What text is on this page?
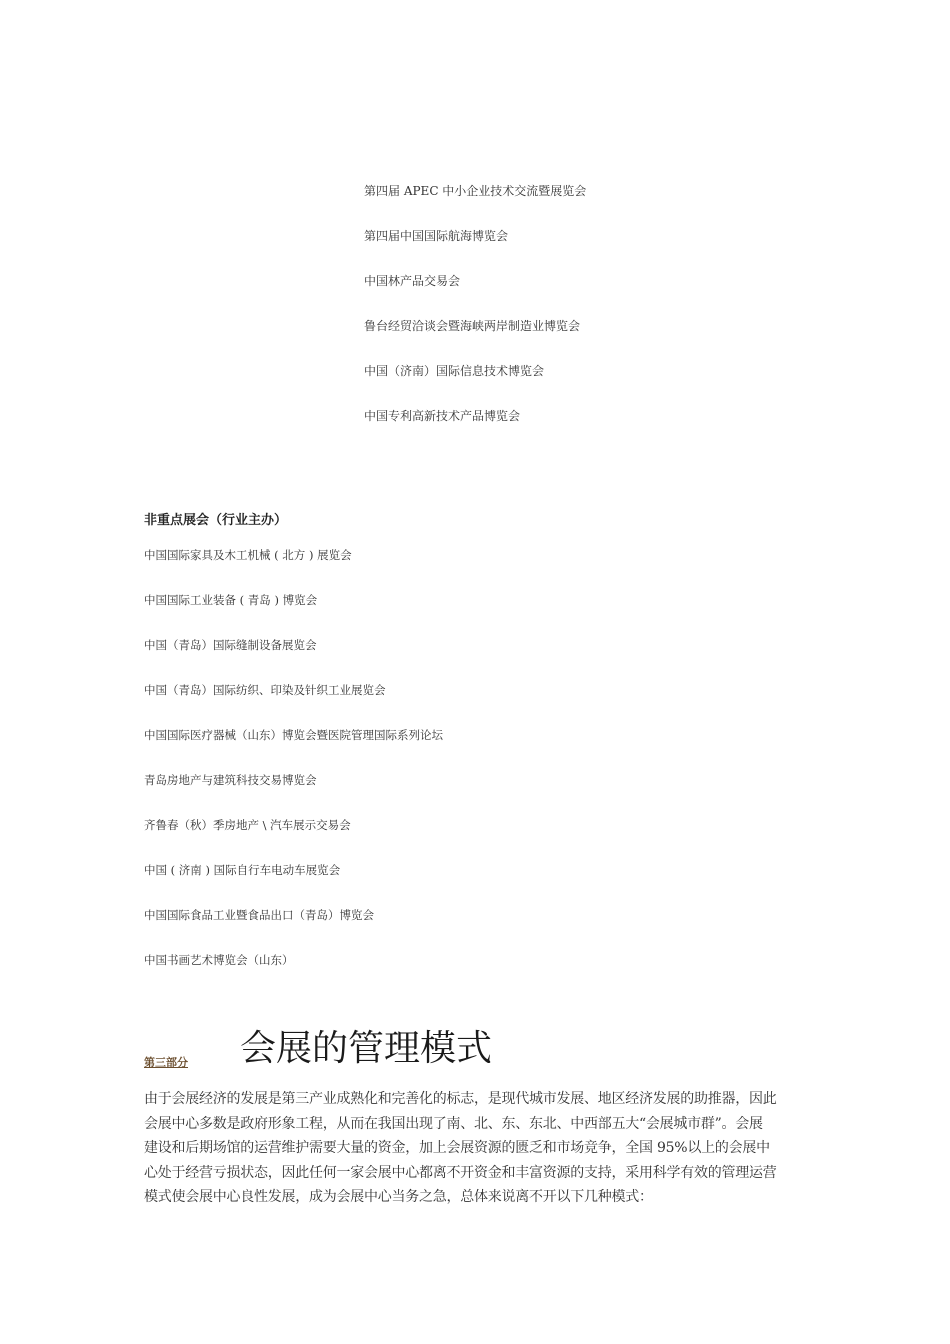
第四届 APEC 中小企业技术交流暨展览会
第四届中国国际航海博览会
中国林产品交易会
鲁台经贸洽谈会暨海峡两岸制造业博览会
中国（济南）国际信息技术博览会
中国专利高新技术产品博览会
非重点展会（行业主办）
中国国际家具及木工机械 ( 北方 ) 展览会
中国国际工业装备 ( 青岛 ) 博览会
中国（青岛）国际缝制设备展览会
中国（青岛）国际纺织、印染及针织工业展览会
中国国际医疗器械（山东）博览会暨医院管理国际系列论坛
青岛房地产与建筑科技交易博览会
齐鲁春（秋）季房地产 \ 汽车展示交易会
中国 ( 济南 ) 国际自行车电动车展览会
中国国际食品工业暨食品出口（青岛）博览会
中国书画艺术博览会（山东）
第三部分 会展的管理模式

由于会展经济的发展是第三产业成熟化和完善化的标志，是现代城市发展、地区经济发展的助推器，因此
会展中心多数是政府形象工程，从而在我国出现了南、北、东、东北、中西部五大“会展城市群”。会展
建设和后期场馆的运营维护需要大量的资金，加上会展资源的匮乏和市场竞争，全国 95%以上的会展中
心处于经营亏损状态，因此任何一家会展中心都离不开资金和丰富资源的支持，采用科学有效的管理运营
模式使会展中心良性发展，成为会展中心当务之急，总体来说离不开以下几种模式：
